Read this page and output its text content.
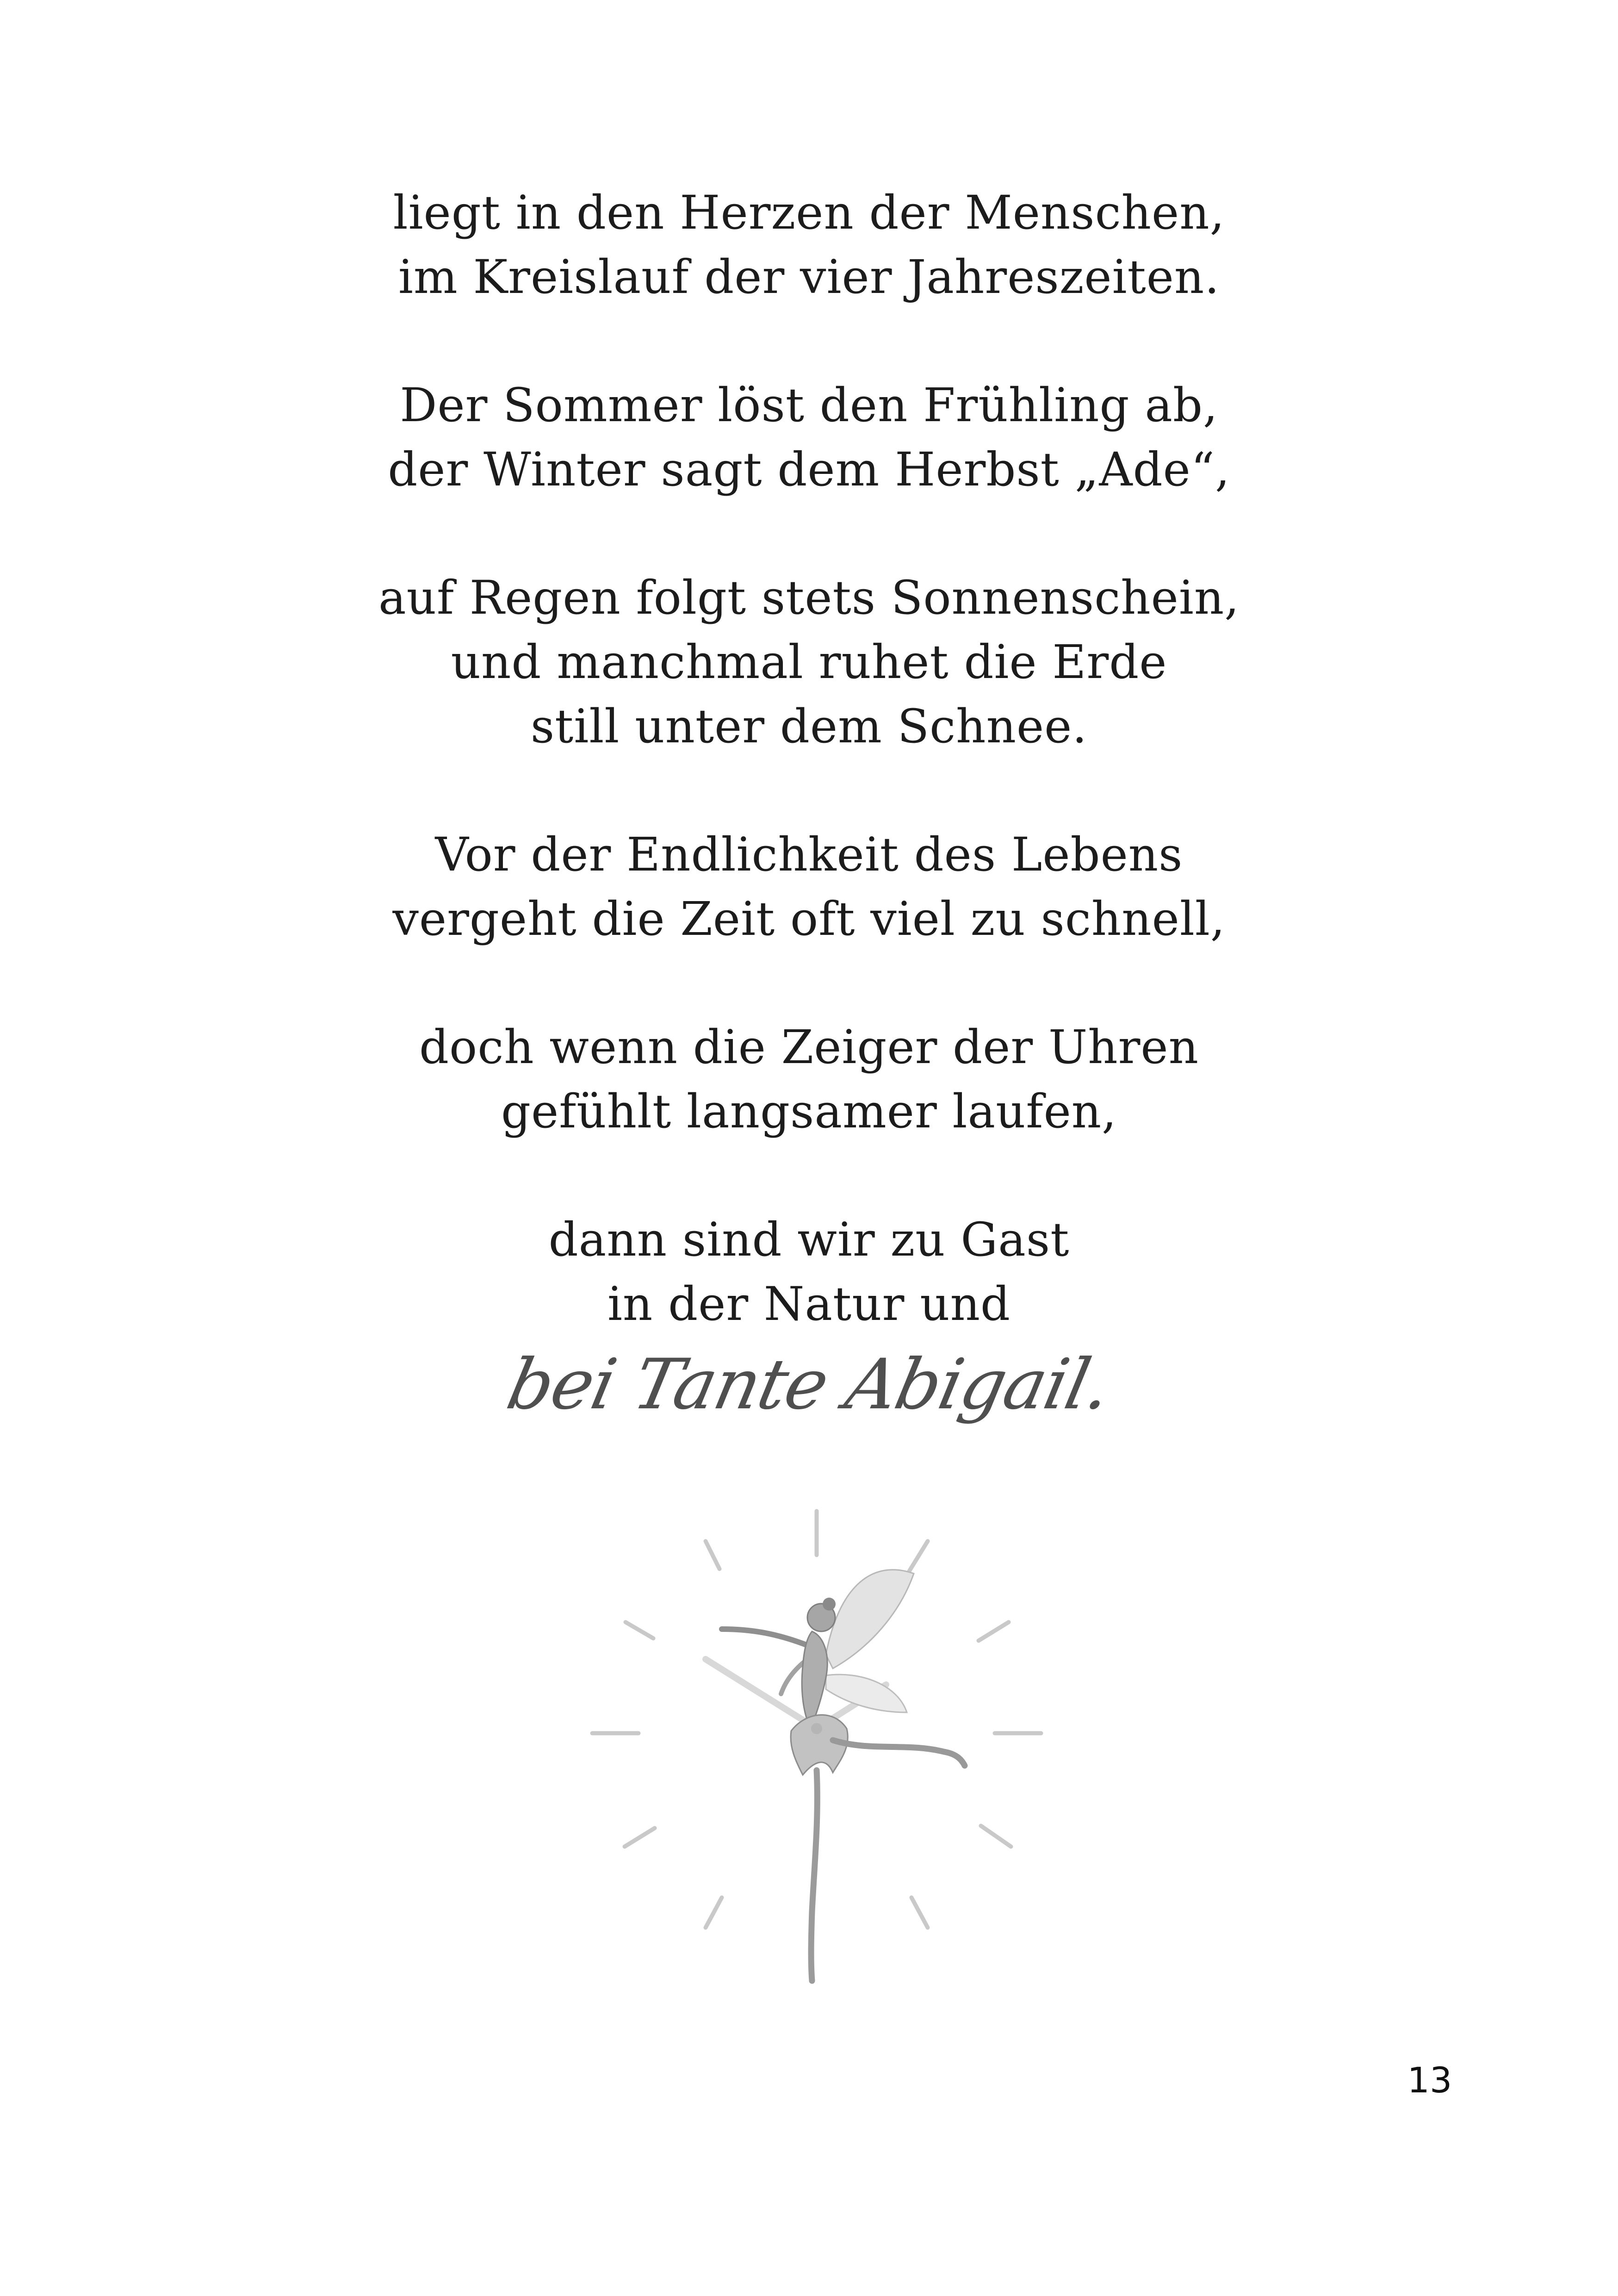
liegt in den Herzen der Menschen,
im Kreislauf der vier Jahreszeiten.
Der Sommer löst den Frühling ab,
der Winter sagt dem Herbst „Ade“,
auf Regen folgt stets Sonnenschein,
und manchmal ruhet die Erde
still unter dem Schnee.
Vor der Endlichkeit des Lebens
vergeht die Zeit oft viel zu schnell,
doch wenn die Zeiger der Uhren
gefühlt langsamer laufen,
dann sind wir zu Gast
in der Natur und
bei Tante Abigail.
13
